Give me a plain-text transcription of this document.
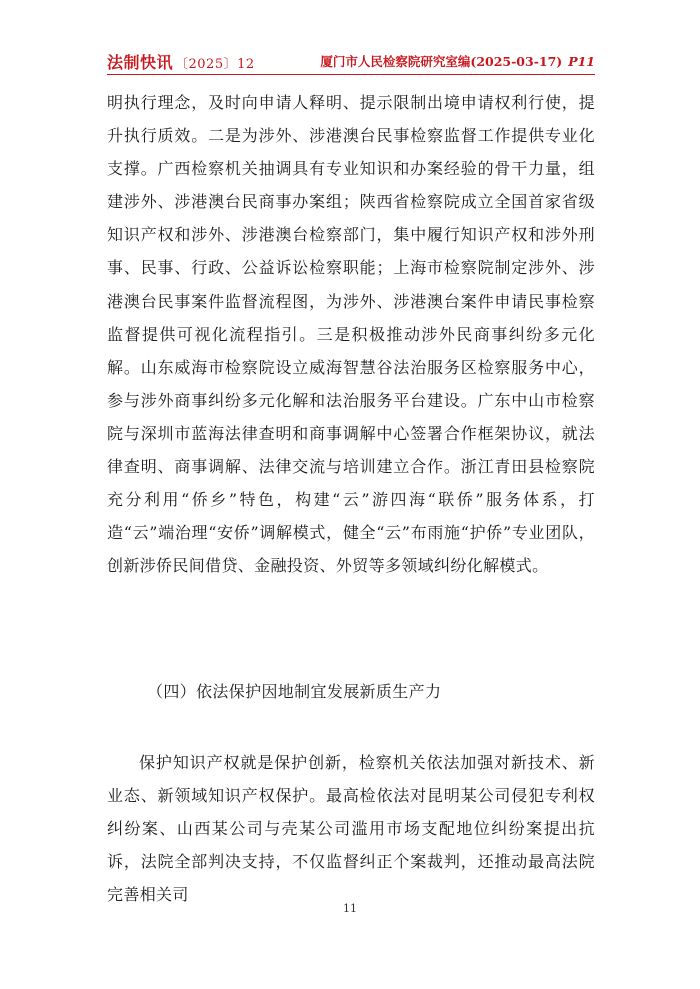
法制快讯 〔2025〕12	厦门市人民检察院研究室编(2025-03-17) P11

明执行理念，及时向申请人释明、提示限制出境申请权利行使，提升执行质效。二是为涉外、涉港澳台民事检察监督工作提供专业化支撑。广西检察机关抽调具有专业知识和办案经验的骨干力量，组建涉外、涉港澳台民商事办案组；陕西省检察院成立全国首家省级知识产权和涉外、涉港澳台检察部门，集中履行知识产权和涉外刑事、民事、行政、公益诉讼检察职能；上海市检察院制定涉外、涉港澳台民事案件监督流程图，为涉外、涉港澳台案件申请民事检察监督提供可视化流程指引。三是积极推动涉外民商事纠纷多元化解。山东威海市检察院设立威海智慧谷法治服务区检察服务中心，参与涉外商事纠纷多元化解和法治服务平台建设。广东中山市检察院与深圳市蓝海法律查明和商事调解中心签署合作框架协议，就法律查明、商事调解、法律交流与培训建立合作。浙江青田县检察院充分利用“侨乡”特色，构建“云”游四海“联侨”服务体系，打造“云”端治理“安侨”调解模式，健全“云”布雨施“护侨”专业团队，创新涉侨民间借贷、金融投资、外贸等多领域纠纷化解模式。

（四）依法保护因地制宜发展新质生产力

保护知识产权就是保护创新，检察机关依法加强对新技术、新业态、新领域知识产权保护。最高检依法对昆明某公司侵犯专利权纠纷案、山西某公司与壳某公司滥用市场支配地位纠纷案提出抗诉，法院全部判决支持，不仅监督纠正个案裁判，还推动最高法院完善相关司

11
